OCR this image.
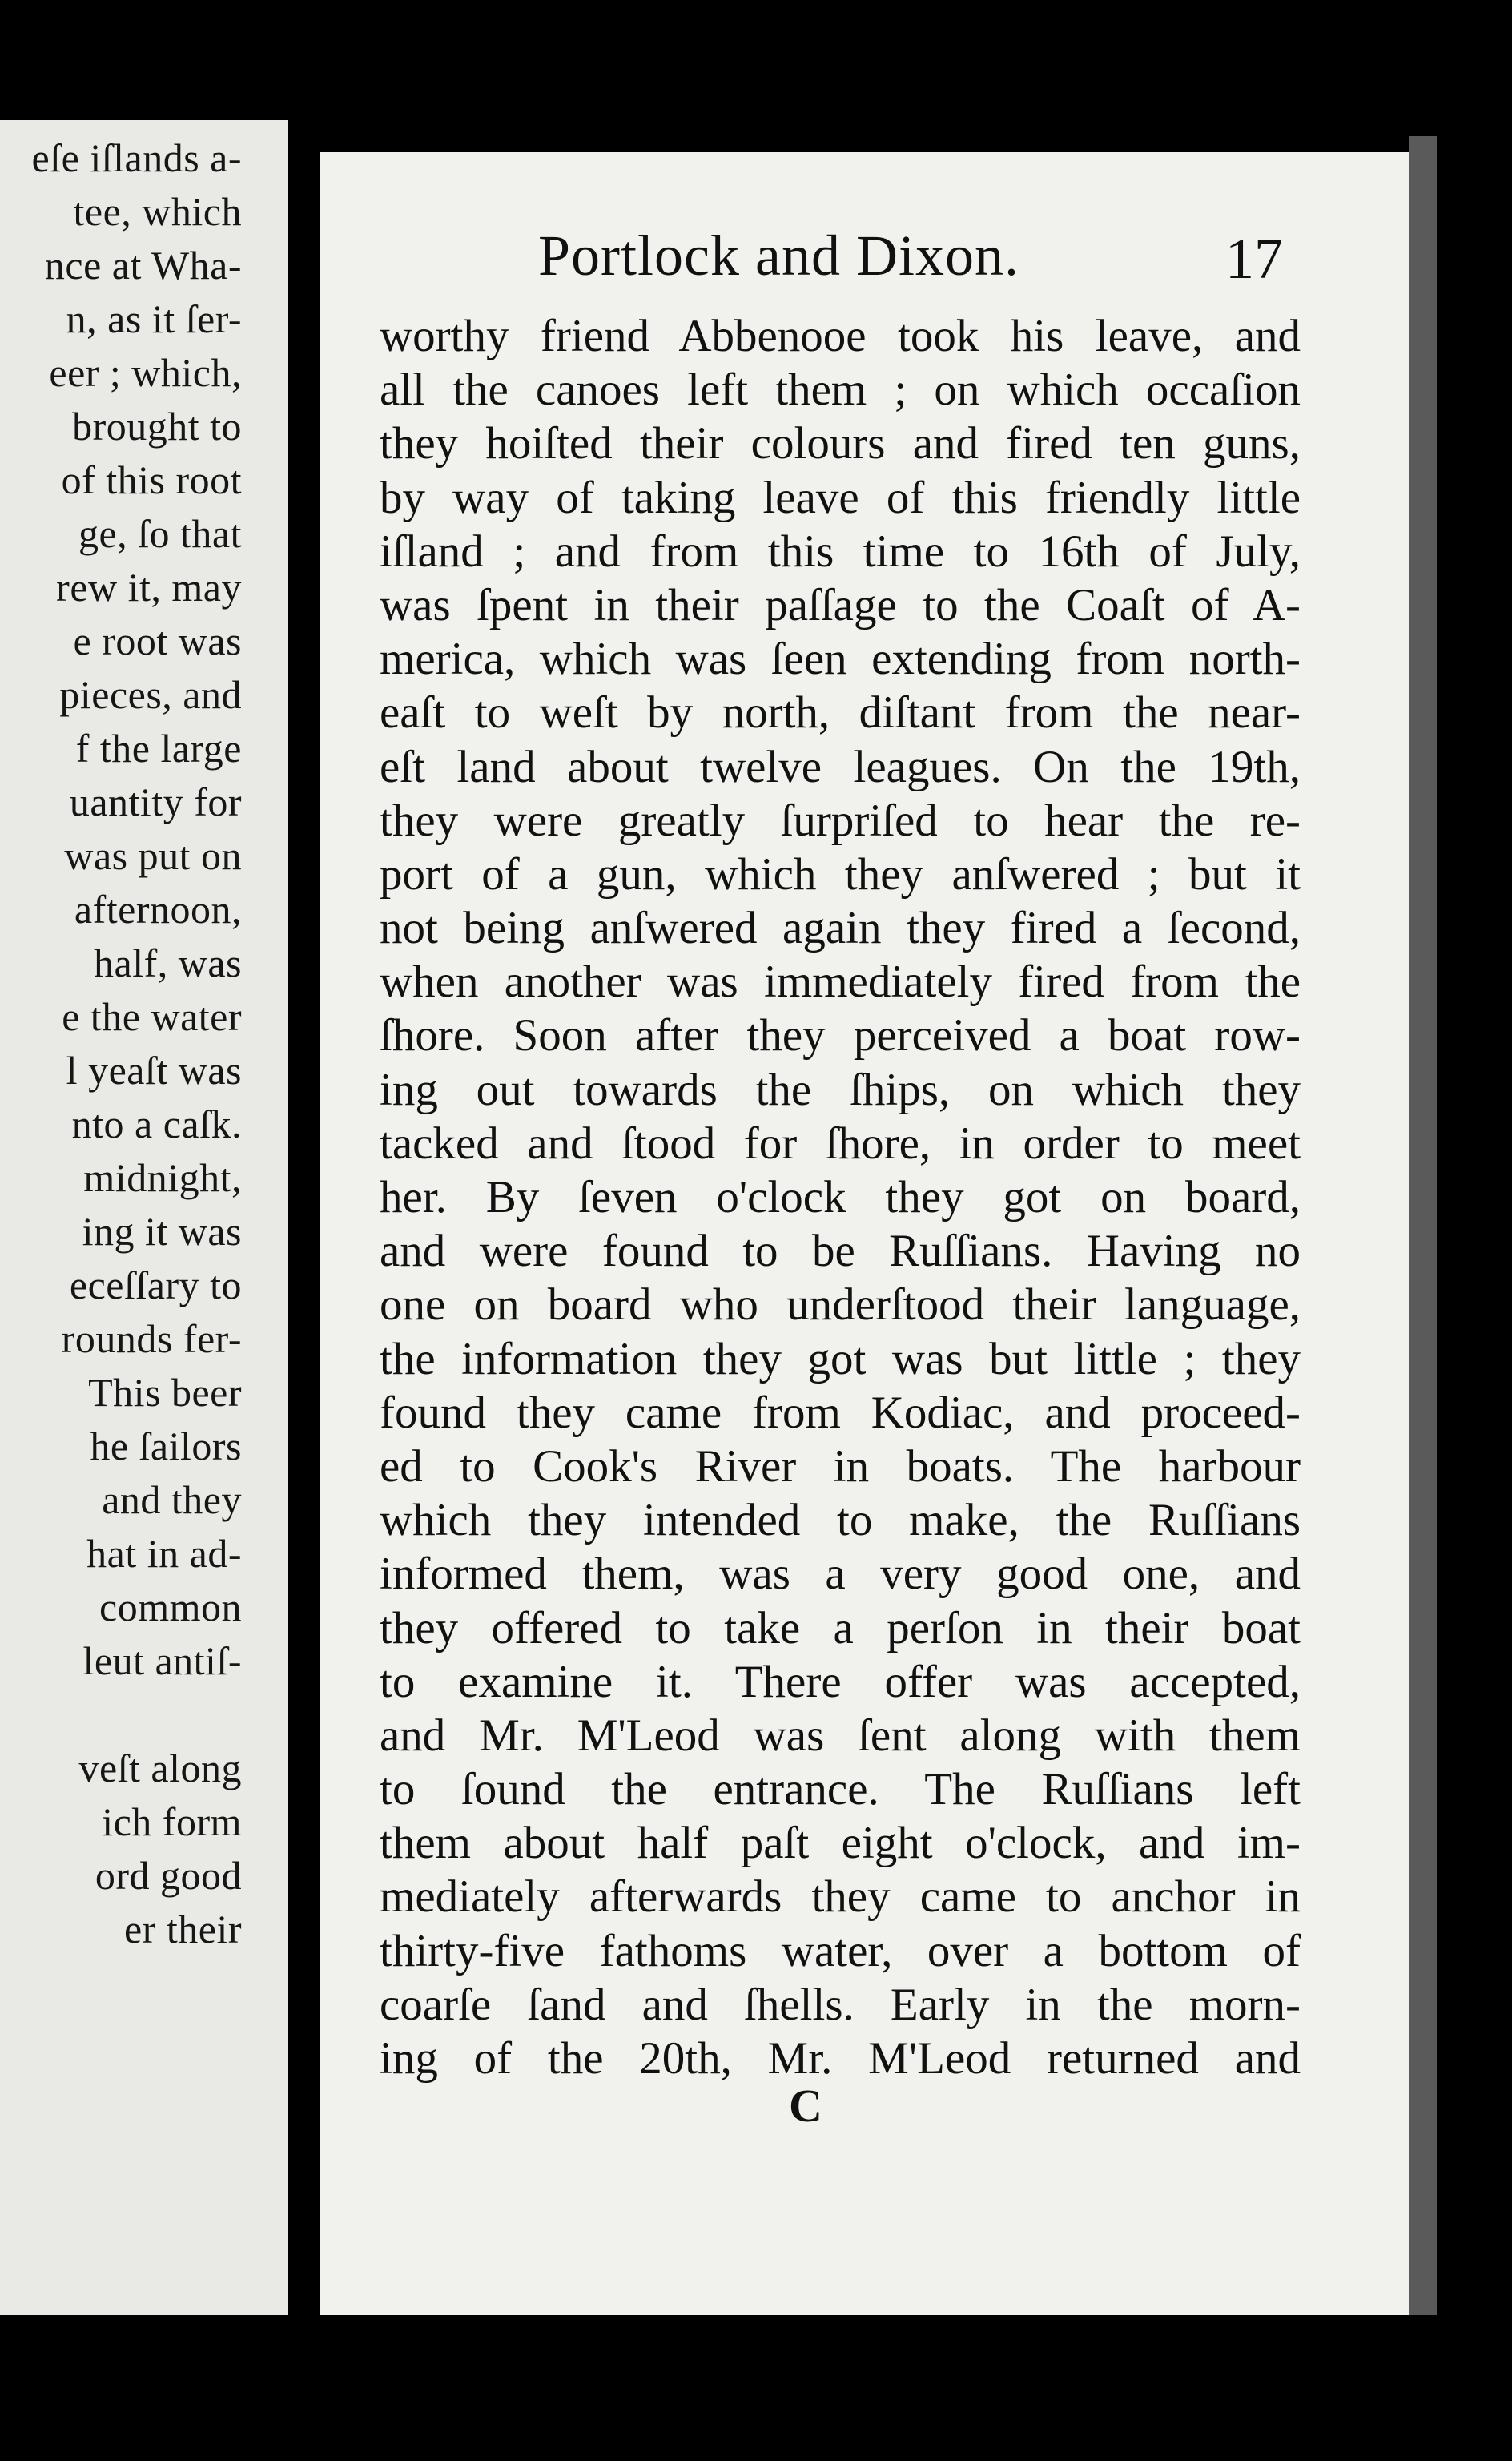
eſe iſlands a-
tee, which
nce at Wha-
n, as it ſer-
eer ; which,
brought to
of this root
ge, ſo that
rew it, may
e root was
pieces, and
f the large
uantity for
was put on
afternoon,
half, was
e the water
l yeaſt was
nto a caſk.
midnight,
ing it was
eceſſary to
rounds fer-
This beer
he ſailors
and they
hat in ad-
common
leut antiſ-
veſt along
ich form
ord good
er their
Portlock and Dixon.	17
worthy friend Abbenooe took his leave, and
all the canoes left them ; on which occaſion
they hoiſted their colours and fired ten guns,
by way of taking leave of this friendly little
iſland ; and from this time to 16th of July,
was ſpent in their paſſage to the Coaſt of A-
merica, which was ſeen extending from north-
eaſt to weſt by north, diſtant from the near-
eſt land about twelve leagues. On the 19th,
they were greatly ſurpriſed to hear the re-
port of a gun, which they anſwered ; but it
not being anſwered again they fired a ſecond,
when another was immediately fired from the
ſhore. Soon after they perceived a boat row-
ing out towards the ſhips, on which they
tacked and ſtood for ſhore, in order to meet
her. By ſeven o'clock they got on board,
and were found to be Ruſſians. Having no
one on board who underſtood their language,
the information they got was but little ; they
found they came from Kodiac, and proceed-
ed to Cook's River in boats. The harbour
which they intended to make, the Ruſſians
informed them, was a very good one, and
they offered to take a perſon in their boat
to examine it. There offer was accepted,
and Mr. M'Leod was ſent along with them
to ſound the entrance. The Ruſſians left
them about half paſt eight o'clock, and im-
mediately afterwards they came to anchor in
thirty-five fathoms water, over a bottom of
coarſe ſand and ſhells. Early in the morn-
ing of the 20th, Mr. M'Leod returned and
C
